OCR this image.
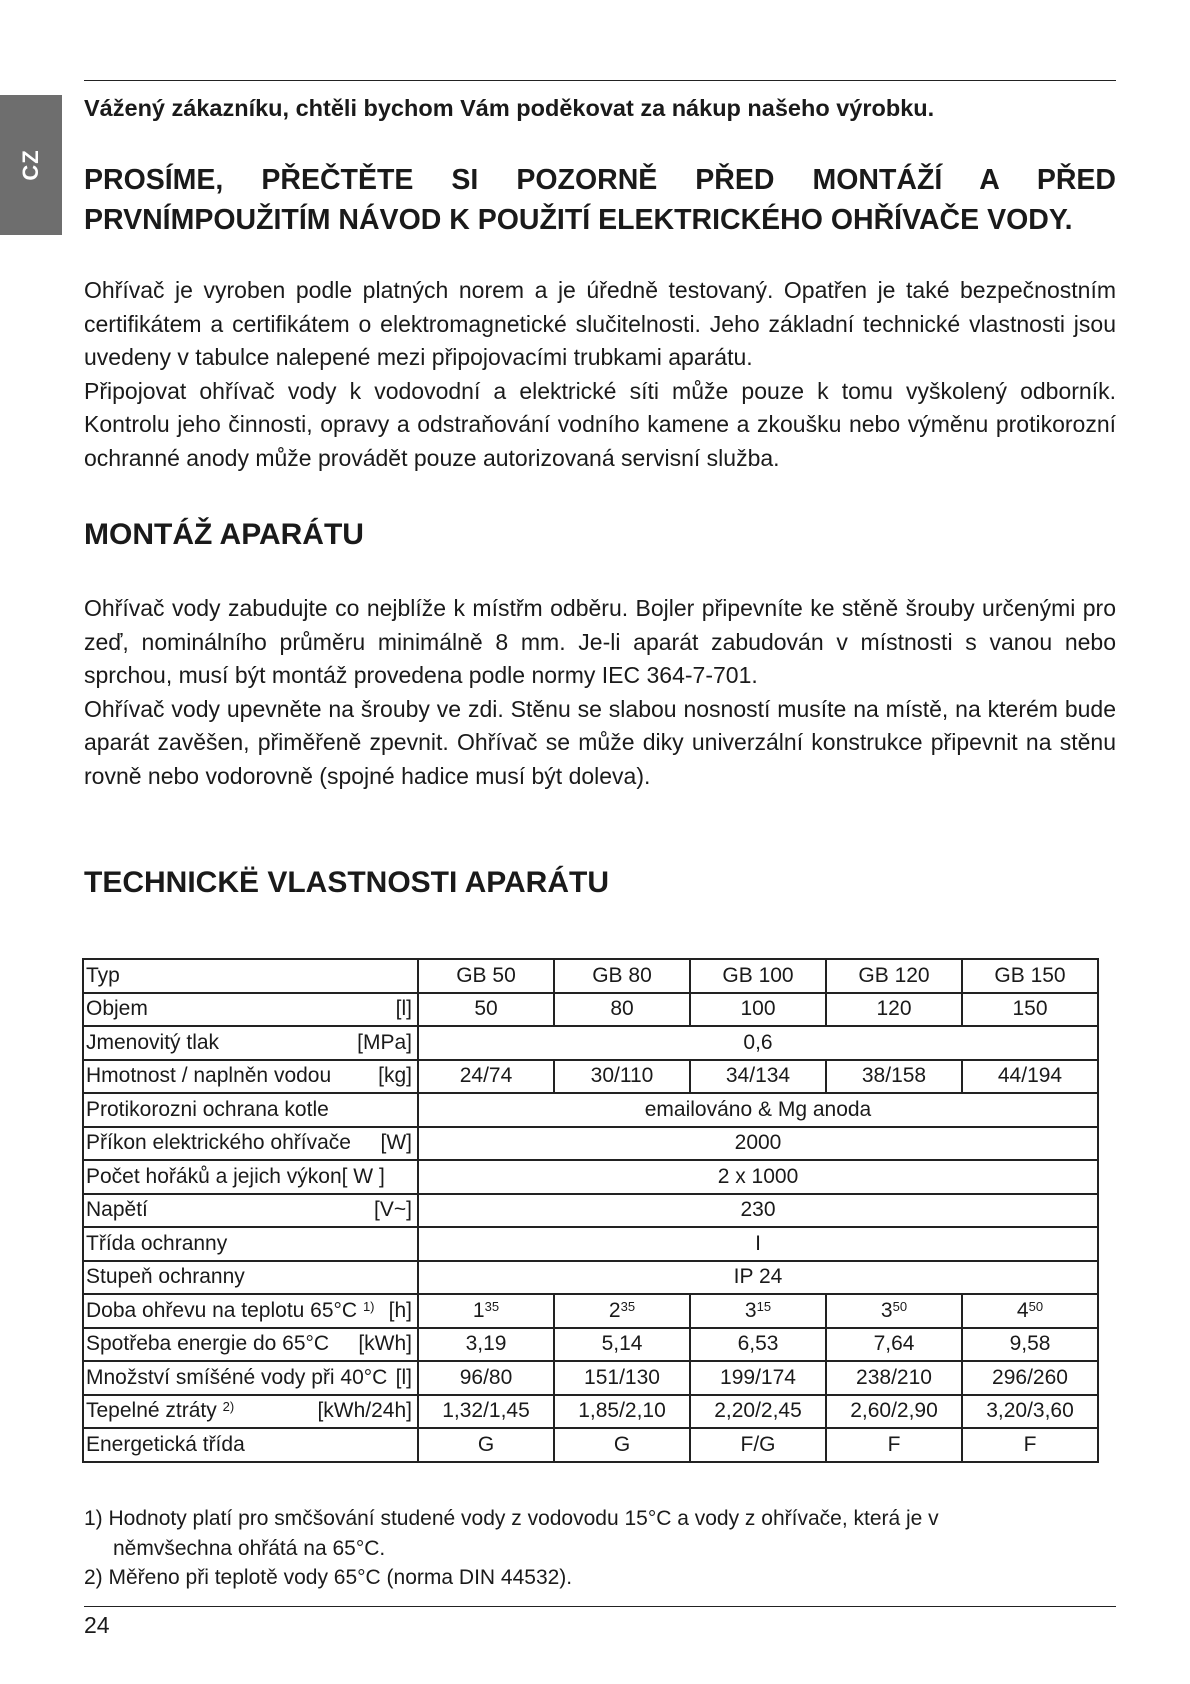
CZ
Vážený zákazníku, chtěli bychom Vám poděkovat za nákup našeho výrobku.
PROSÍME, PŘEČTĚTE SI POZORNĚ PŘED MONTÁŽÍ A PŘED PRVNÍMPOUŽITÍM NÁVOD K POUŽITÍ ELEKTRICKÉHO OHŘÍVAČE VODY.

Ohřívač je vyroben podle platných norem a je úředně testovaný. Opatřen je také bezpečnostním certifikátem a certifikátem o elektromagnetické slučitelnosti. Jeho základní technické vlastnosti jsou uvedeny v tabulce nalepené mezi připojovacími trubkami aparátu.

Připojovat ohřívač vody k vodovodní a elektrické síti může pouze k tomu vyškolený odborník. Kontrolu jeho činnosti, opravy a odstraňování vodního kamene a zkoušku nebo výměnu protikorozní ochranné anody může provádět pouze autorizovaná servisní služba.

MONTÁŽ APARÁTU

Ohřívač vody zabudujte co nejblíže k místřm odběru. Bojler připevníte ke stěně šrouby určenými pro zeď, nominálního průměru minimálně 8 mm. Je-li aparát zabudován v místnosti s vanou nebo sprchou, musí být montáž provedena podle normy IEC 364-7-701.

Ohřívač vody upevněte na šrouby ve zdi. Stěnu se slabou nosností musíte na místě, na kterém bude aparát zavěšen, přiměřeně zpevnit. Ohřívač se může diky univerzální konstrukce připevnit na stěnu rovně nebo vodorovně (spojné hadice musí být doleva).

TECHNICKË VLASTNOSTI APARÁTU
Typ	GB 50	GB 80	GB 100	GB 120	GB 150

Objem [l]	50	80	100	120	150

Jmenovitý tlak [MPa]	0,6				

Hmotnost / naplněn vodou [kg]	24/74	30/110	34/134	38/158	44/194

Protikorozni ochrana kotle	emailováno & Mg anoda				

Příkon elektrického ohřívače [W]	2000				

Počet hořáků a jejich výkon[ W ]	2 x 1000				

Napětí [V~]	230				

Třída ochranny	I				

Stupeň ochranny	IP 24				

Doba ohřevu na teplotu 65°C $^{1)}$ [h]	$1^{35}$	$2^{35}$	$3^{15}$	$3^{50}$	$4^{50}$

Spotřeba energie do 65°C [kWh]	3,19	5,14	6,53	7,64	9,58

Množství smíšéné vody při 40°C [l]	96/80	151/130	199/174	238/210	296/260

Tepelné ztráty $^{2)}$ [kWh/24h]	1,32/1,45	1,85/2,10	2,20/2,45	2,60/2,90	3,20/3,60

Energetická třída	G	G	F/G	F	F

1) Hodnoty platí pro smčšování studené vody z vodovodu 15°C a vody z ohřívače, která je v

němvšechna ohřátá na 65°C.

2) Měřeno při teplotě vody 65°C (norma DIN 44532).

24
